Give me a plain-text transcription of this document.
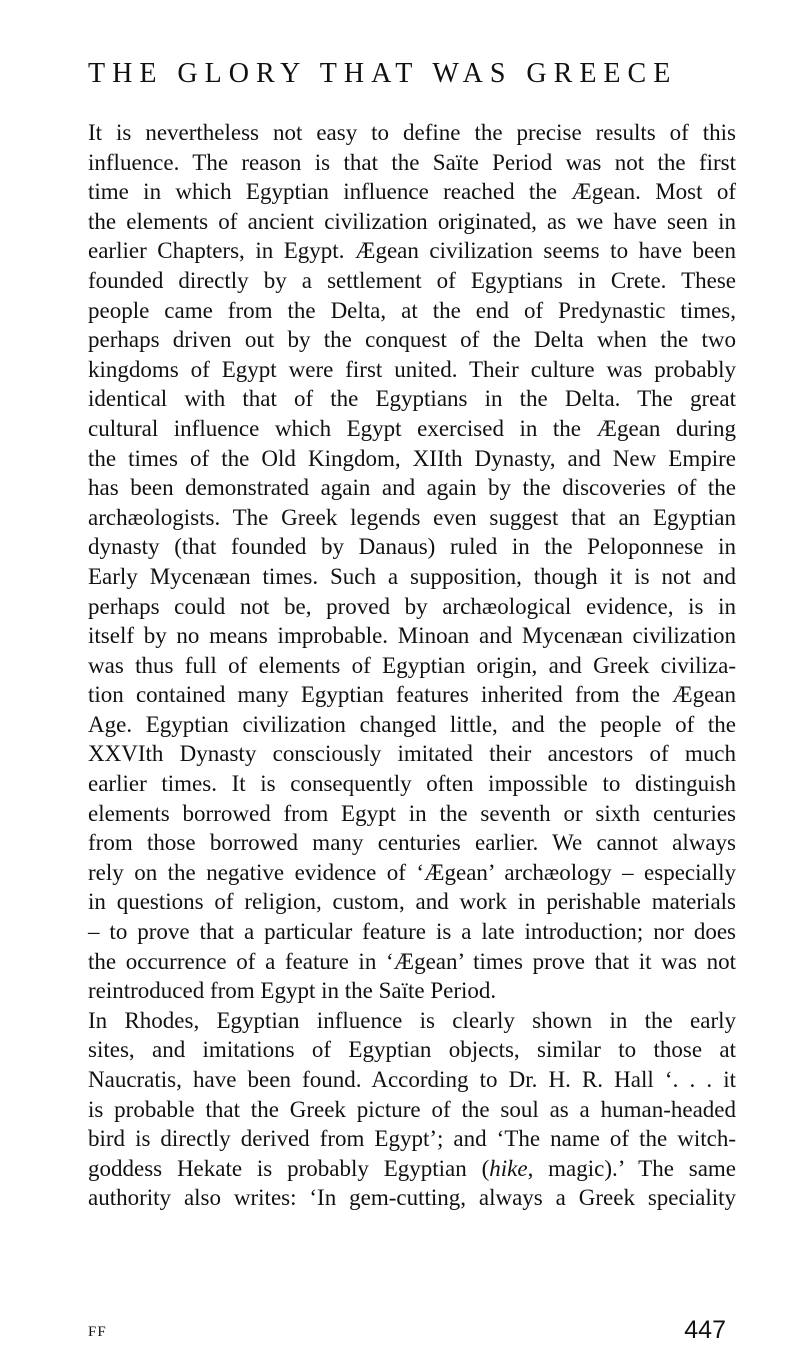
THE GLORY THAT WAS GREECE
It is nevertheless not easy to define the precise results of this
influence. The reason is that the Saïte Period was not the first
time in which Egyptian influence reached the Ægean. Most of
the elements of ancient civilization originated, as we have seen in
earlier Chapters, in Egypt. Ægean civilization seems to have been
founded directly by a settlement of Egyptians in Crete. These
people came from the Delta, at the end of Predynastic times,
perhaps driven out by the conquest of the Delta when the two
kingdoms of Egypt were first united. Their culture was probably
identical with that of the Egyptians in the Delta. The great
cultural influence which Egypt exercised in the Ægean during
the times of the Old Kingdom, XIIth Dynasty, and New Empire
has been demonstrated again and again by the discoveries of the
archæologists. The Greek legends even suggest that an Egyptian
dynasty (that founded by Danaus) ruled in the Peloponnese in
Early Mycenæan times. Such a supposition, though it is not and
perhaps could not be, proved by archæological evidence, is in
itself by no means improbable. Minoan and Mycenæan civilization
was thus full of elements of Egyptian origin, and Greek civiliza-
tion contained many Egyptian features inherited from the Ægean
Age. Egyptian civilization changed little, and the people of the
XXVIth Dynasty consciously imitated their ancestors of much
earlier times. It is consequently often impossible to distinguish
elements borrowed from Egypt in the seventh or sixth centuries
from those borrowed many centuries earlier. We cannot always
rely on the negative evidence of ‘Ægean’ archæology – especially
in questions of religion, custom, and work in perishable materials
– to prove that a particular feature is a late introduction; nor does
the occurrence of a feature in ‘Ægean’ times prove that it was not
reintroduced from Egypt in the Saïte Period.
In Rhodes, Egyptian influence is clearly shown in the early
sites, and imitations of Egyptian objects, similar to those at
Naucratis, have been found. According to Dr. H. R. Hall ‘. . . it
is probable that the Greek picture of the soul as a human-headed
bird is directly derived from Egypt’; and ‘The name of the witch-
goddess Hekate is probably Egyptian (hike, magic).’ The same
authority also writes: ‘In gem-cutting, always a Greek speciality
FF	447
